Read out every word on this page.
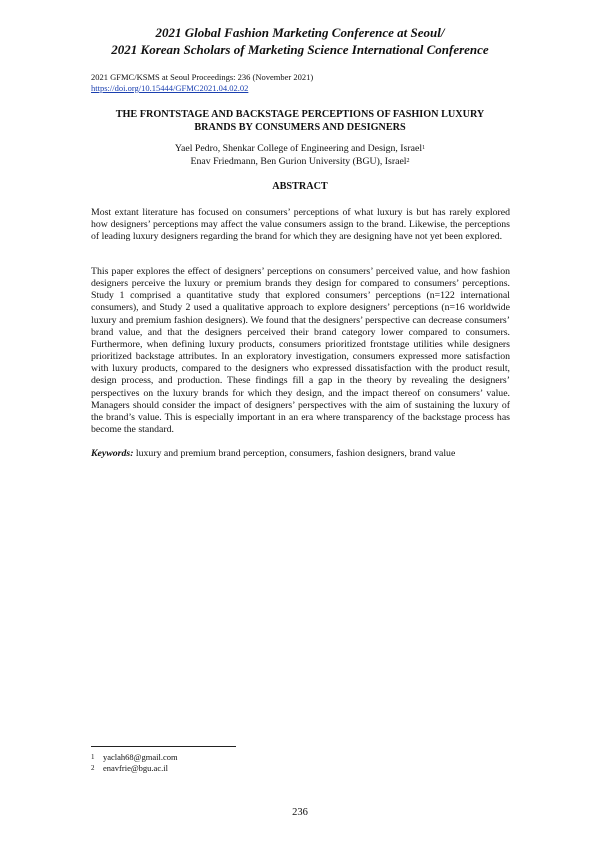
2021 Global Fashion Marketing Conference at Seoul/
2021 Korean Scholars of Marketing Science International Conference
2021 GFMC/KSMS at Seoul Proceedings: 236 (November 2021)
https://doi.org/10.15444/GFMC2021.04.02.02
THE FRONTSTAGE AND BACKSTAGE PERCEPTIONS OF FASHION LUXURY
BRANDS BY CONSUMERS AND DESIGNERS
Yael Pedro, Shenkar College of Engineering and Design, Israel$^1$
Enav Friedmann, Ben Gurion University (BGU), Israel$^2$
ABSTRACT

Most extant literature has focused on consumers’ perceptions of what luxury is but has rarely explored how designers’ perceptions may affect the value consumers assign to the brand. Likewise, the perceptions of leading luxury designers regarding the brand for which they are designing have not yet been explored.

This paper explores the effect of designers’ perceptions on consumers’ perceived value, and how fashion designers perceive the luxury or premium brands they design for compared to consumers’ perceptions. Study 1 comprised a quantitative study that explored consumers’ perceptions (n=122 international consumers), and Study 2 used a qualitative approach to explore designers’ perceptions (n=16 worldwide luxury and premium fashion designers). We found that the designers’ perspective can decrease consumers’ brand value, and that the designers perceived their brand category lower compared to consumers. Furthermore, when defining luxury products, consumers prioritized frontstage utilities while designers prioritized backstage attributes. In an exploratory investigation, consumers expressed more satisfaction with luxury products, compared to the designers who expressed dissatisfaction with the product result, design process, and production. These findings fill a gap in the theory by revealing the designers’ perspectives on the luxury brands for which they design, and the impact thereof on consumers’ value. Managers should consider the impact of designers’ perspectives with the aim of sustaining the luxury of the brand’s value. This is especially important in an era where transparency of the backstage process has become the standard.

Keywords: luxury and premium brand perception, consumers, fashion designers, brand value
1 yaclah68@gmail.com
2 enavfrie@bgu.ac.il
236
